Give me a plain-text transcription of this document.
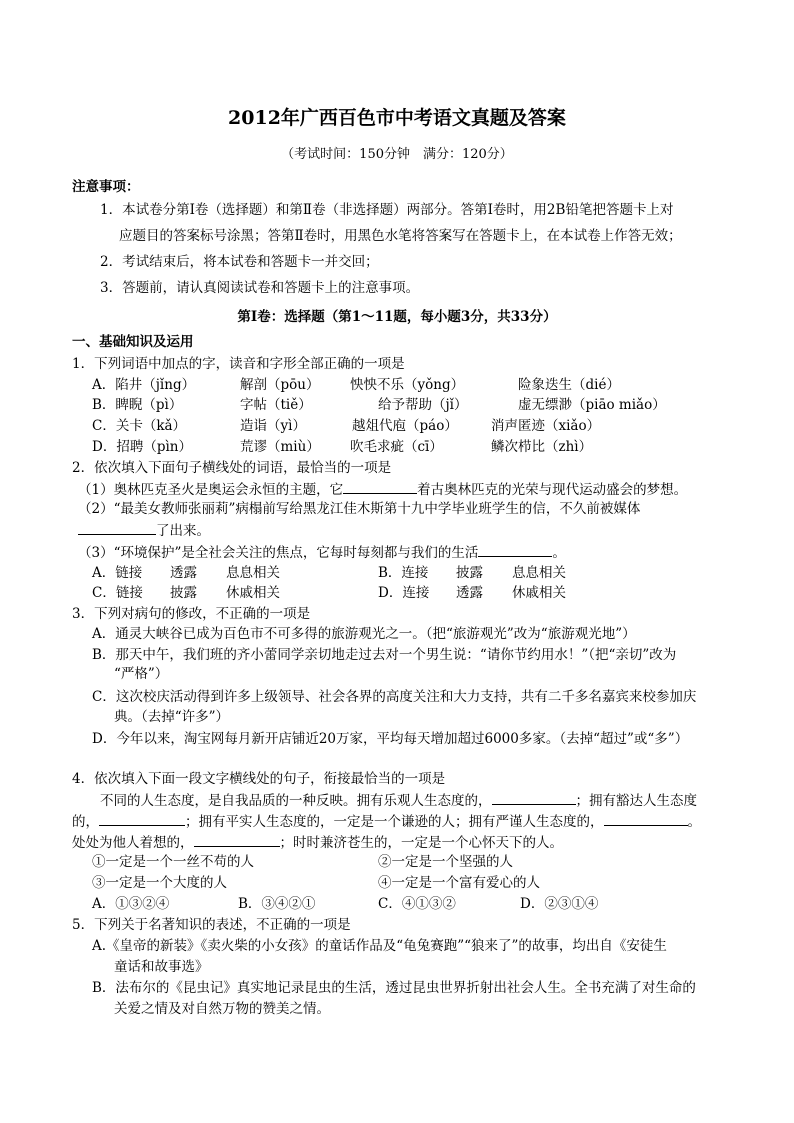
2012年广西百色市中考语文真题及答案
（考试时间：150分钟　满分：120分）
注意事项：
1．本试卷分第Ⅰ卷（选择题）和第Ⅱ卷（非选择题）两部分。答第Ⅰ卷时，用2B铅笔把答题卡上对
应题目的答案标号涂黑；答第Ⅱ卷时，用黑色水笔将答案写在答题卡上，在本试卷上作答无效；
2．考试结束后，将本试卷和答题卡一并交回；
3．答题前，请认真阅读试卷和答题卡上的注意事项。
第Ⅰ卷：选择题（第1～11题，每小题3分，共33分）
一、基础知识及运用
1．下列词语中加点的字，读音和字形全部正确的一项是
A．陷井（jǐng）	解剖（pōu） 怏怏不乐（yǒng）	险象迭生（dié）
B．睥睨（pì）	字帖（tiě）	给予帮助（jǐ）	虚无缥渺（piāo miǎo）
C．关卡（kǎ）	造诣（yì）	越俎代庖（páo） 消声匿迹（xiǎo）
D．招聘（pìn）	荒谬（miù） 吹毛求疵（cī）	鳞次栉比（zhì）
2．依次填入下面句子横线处的词语，最恰当的一项是
（1）奥林匹克圣火是奥运会永恒的主题，它	着古奥林匹克的光荣与现代运动盛会的梦想。
（2）“最美女教师张丽莉”病榻前写给黑龙江佳木斯第十九中学毕业班学生的信，不久前被媒体
了出来。
（3）“环境保护”是全社会关注的焦点，它每时每刻都与我们的生活	。
A．链接 透露 息息相关	B．连接 披露 息息相关
C．链接 披露 休戚相关	D．连接 透露 休戚相关
3．下列对病句的修改，不正确的一项是
A．通灵大峡谷已成为百色市不可多得的旅游观光之一。（把“旅游观光”改为“旅游观光地”）
B．那天中午，我们班的齐小蕾同学亲切地走过去对一个男生说：“请你节约用水！”（把“亲切”改为
“严格”）
C．这次校庆活动得到许多上级领导、社会各界的高度关注和大力支持，共有二千多名嘉宾来校参加庆
典。（去掉“许多”）
D．今年以来，淘宝网每月新开店铺近20万家，平均每天增加超过6000多家。（去掉“超过”或“多”）
4．依次填入下面一段文字横线处的句子，衔接最恰当的一项是
不同的人生态度，是自我品质的一种反映。拥有乐观人生态度的，	；拥有豁达人生态度
的，	；拥有平实人生态度的，一定是一个谦逊的人；拥有严谨人生态度的，	。
处处为他人着想的，	；时时兼济苍生的，一定是一个心怀天下的人。
①一定是一个一丝不苟的人	②一定是一个坚强的人
③一定是一个大度的人	④一定是一个富有爱心的人
A．①③②④	B．③④②①	C．④①③②	D．②③①④
5．下列关于名著知识的表述，不正确的一项是
A.《皇帝的新装》《卖火柴的小女孩》的童话作品及“龟兔赛跑”“狼来了”的故事，均出自《安徒生
童话和故事选》
B．法布尔的《昆虫记》真实地记录昆虫的生活，透过昆虫世界折射出社会人生。全书充满了对生命的
关爱之情及对自然万物的赞美之情。
